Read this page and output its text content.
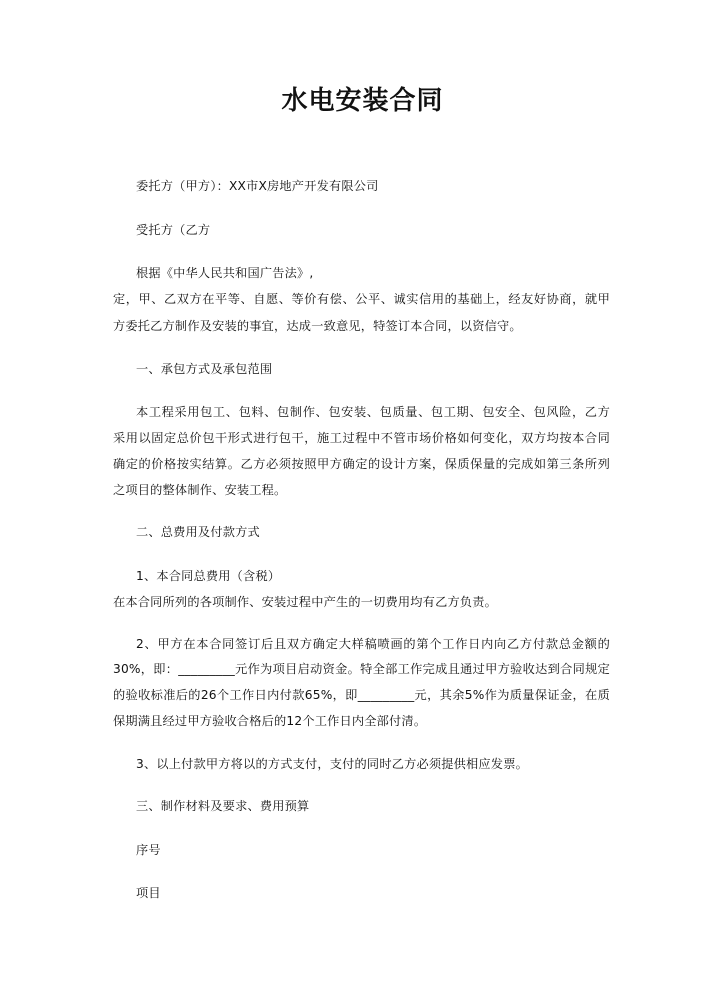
水电安装合同
委托方（甲方）：XX市X房地产开发有限公司
受托方（乙方
根据《中华人民共和国广告法》,
定，甲、乙双方在平等、自愿、等价有偿、公平、诚实信用的基础上，经友好协商，就甲
方委托乙方制作及安装的事宜，达成一致意见，特签订本合同，以资信守。
一、承包方式及承包范围
本工程采用包工、包料、包制作、包安装、包质量、包工期、包安全、包风险，乙方
采用以固定总价包干形式进行包干，施工过程中不管市场价格如何变化，双方均按本合同
确定的价格按实结算。乙方必须按照甲方确定的设计方案，保质保量的完成如第三条所列
之项目的整体制作、安装工程。
二、总费用及付款方式
1、本合同总费用（含税）
在本合同所列的各项制作、安装过程中产生的一切费用均有乙方负责。
2、甲方在本合同签订后且双方确定大样稿喷画的第个工作日内向乙方付款总金额的
30%，即：_________元作为项目启动资金。特全部工作完成且通过甲方验收达到合同规定
的验收标准后的26个工作日内付款65%，即_________元，其余5%作为质量保证金，在质
保期满且经过甲方验收合格后的12个工作日内全部付清。
3、以上付款甲方将以的方式支付，支付的同时乙方必须提供相应发票。
三、制作材料及要求、费用预算
序号
项目
